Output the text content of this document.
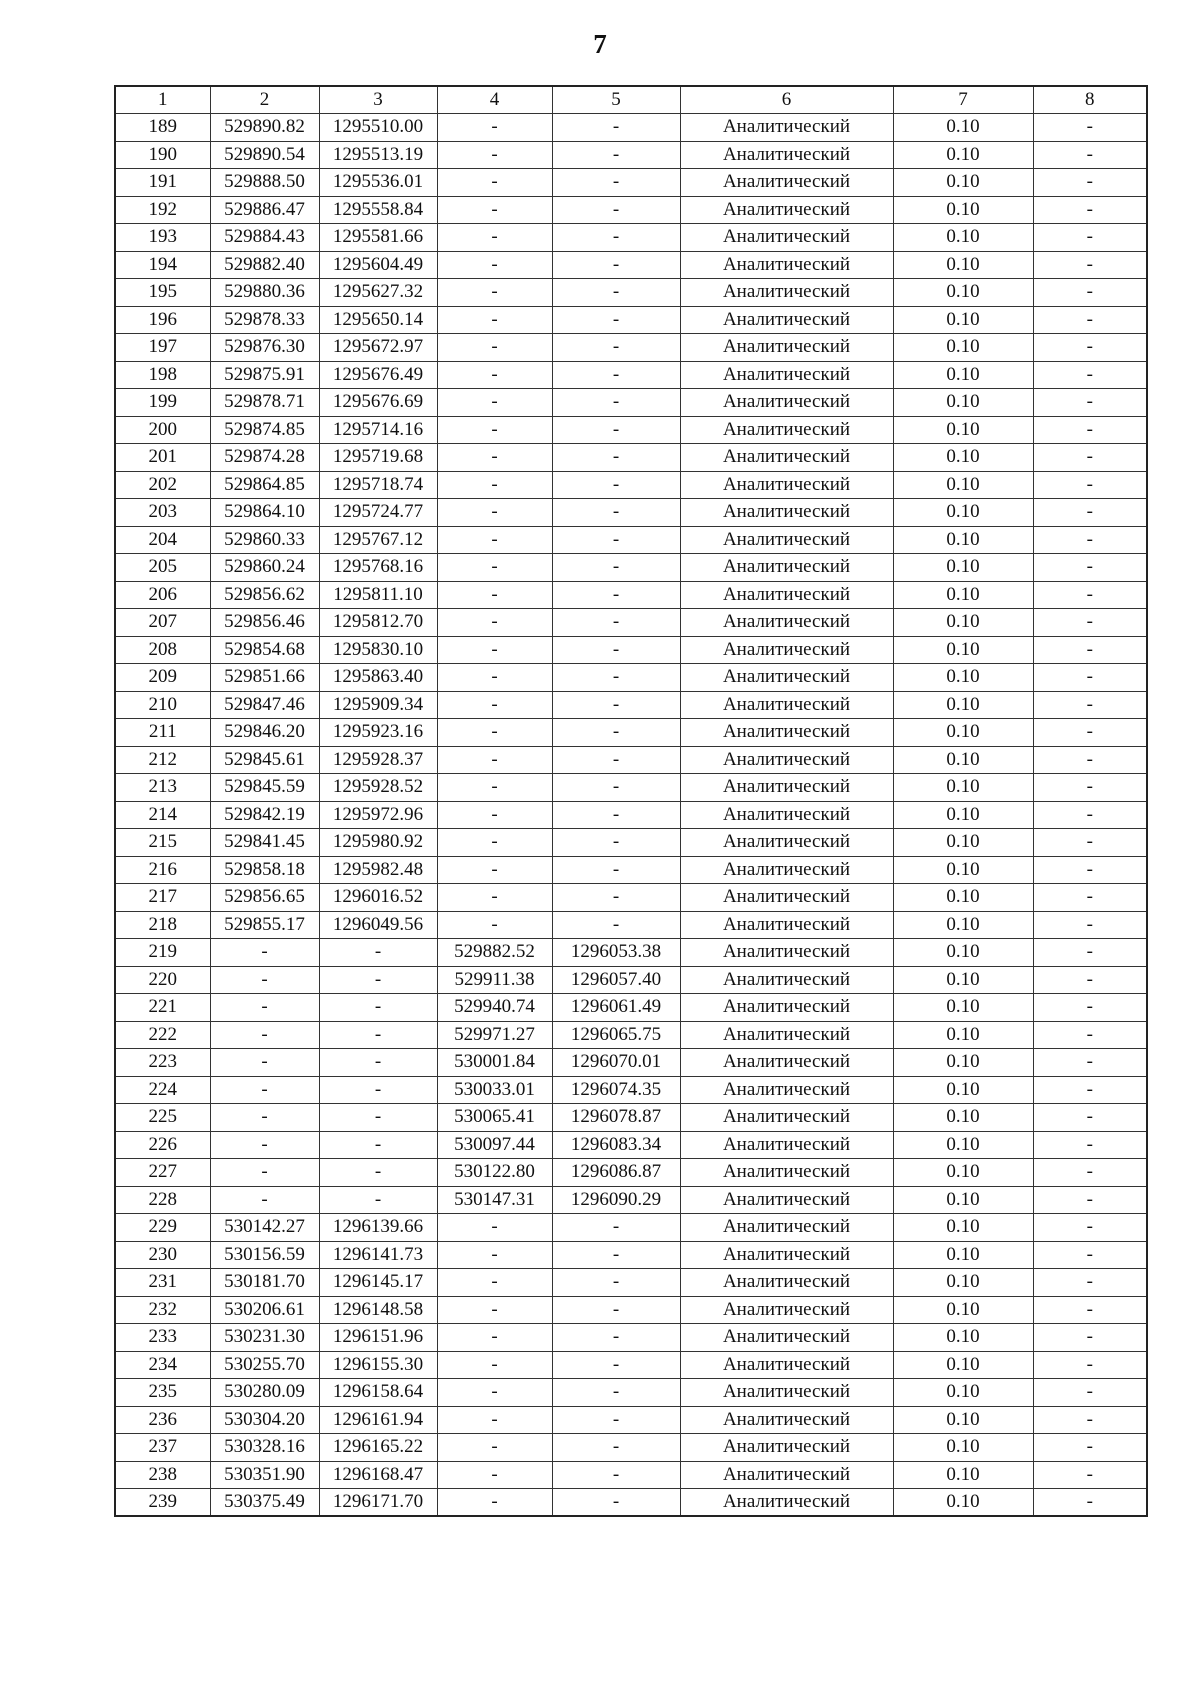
7
1	2	3	4	5	6	7	8
189	529890.82	1295510.00	-	-	Аналитический	0.10	-
190	529890.54	1295513.19	-	-	Аналитический	0.10	-
191	529888.50	1295536.01	-	-	Аналитический	0.10	-
192	529886.47	1295558.84	-	-	Аналитический	0.10	-
193	529884.43	1295581.66	-	-	Аналитический	0.10	-
194	529882.40	1295604.49	-	-	Аналитический	0.10	-
195	529880.36	1295627.32	-	-	Аналитический	0.10	-
196	529878.33	1295650.14	-	-	Аналитический	0.10	-
197	529876.30	1295672.97	-	-	Аналитический	0.10	-
198	529875.91	1295676.49	-	-	Аналитический	0.10	-
199	529878.71	1295676.69	-	-	Аналитический	0.10	-
200	529874.85	1295714.16	-	-	Аналитический	0.10	-
201	529874.28	1295719.68	-	-	Аналитический	0.10	-
202	529864.85	1295718.74	-	-	Аналитический	0.10	-
203	529864.10	1295724.77	-	-	Аналитический	0.10	-
204	529860.33	1295767.12	-	-	Аналитический	0.10	-
205	529860.24	1295768.16	-	-	Аналитический	0.10	-
206	529856.62	1295811.10	-	-	Аналитический	0.10	-
207	529856.46	1295812.70	-	-	Аналитический	0.10	-
208	529854.68	1295830.10	-	-	Аналитический	0.10	-
209	529851.66	1295863.40	-	-	Аналитический	0.10	-
210	529847.46	1295909.34	-	-	Аналитический	0.10	-
211	529846.20	1295923.16	-	-	Аналитический	0.10	-
212	529845.61	1295928.37	-	-	Аналитический	0.10	-
213	529845.59	1295928.52	-	-	Аналитический	0.10	-
214	529842.19	1295972.96	-	-	Аналитический	0.10	-
215	529841.45	1295980.92	-	-	Аналитический	0.10	-
216	529858.18	1295982.48	-	-	Аналитический	0.10	-
217	529856.65	1296016.52	-	-	Аналитический	0.10	-
218	529855.17	1296049.56	-	-	Аналитический	0.10	-
219	-	-	529882.52	1296053.38	Аналитический	0.10	-
220	-	-	529911.38	1296057.40	Аналитический	0.10	-
221	-	-	529940.74	1296061.49	Аналитический	0.10	-
222	-	-	529971.27	1296065.75	Аналитический	0.10	-
223	-	-	530001.84	1296070.01	Аналитический	0.10	-
224	-	-	530033.01	1296074.35	Аналитический	0.10	-
225	-	-	530065.41	1296078.87	Аналитический	0.10	-
226	-	-	530097.44	1296083.34	Аналитический	0.10	-
227	-	-	530122.80	1296086.87	Аналитический	0.10	-
228	-	-	530147.31	1296090.29	Аналитический	0.10	-
229	530142.27	1296139.66	-	-	Аналитический	0.10	-
230	530156.59	1296141.73	-	-	Аналитический	0.10	-
231	530181.70	1296145.17	-	-	Аналитический	0.10	-
232	530206.61	1296148.58	-	-	Аналитический	0.10	-
233	530231.30	1296151.96	-	-	Аналитический	0.10	-
234	530255.70	1296155.30	-	-	Аналитический	0.10	-
235	530280.09	1296158.64	-	-	Аналитический	0.10	-
236	530304.20	1296161.94	-	-	Аналитический	0.10	-
237	530328.16	1296165.22	-	-	Аналитический	0.10	-
238	530351.90	1296168.47	-	-	Аналитический	0.10	-
239	530375.49	1296171.70	-	-	Аналитический	0.10	-
